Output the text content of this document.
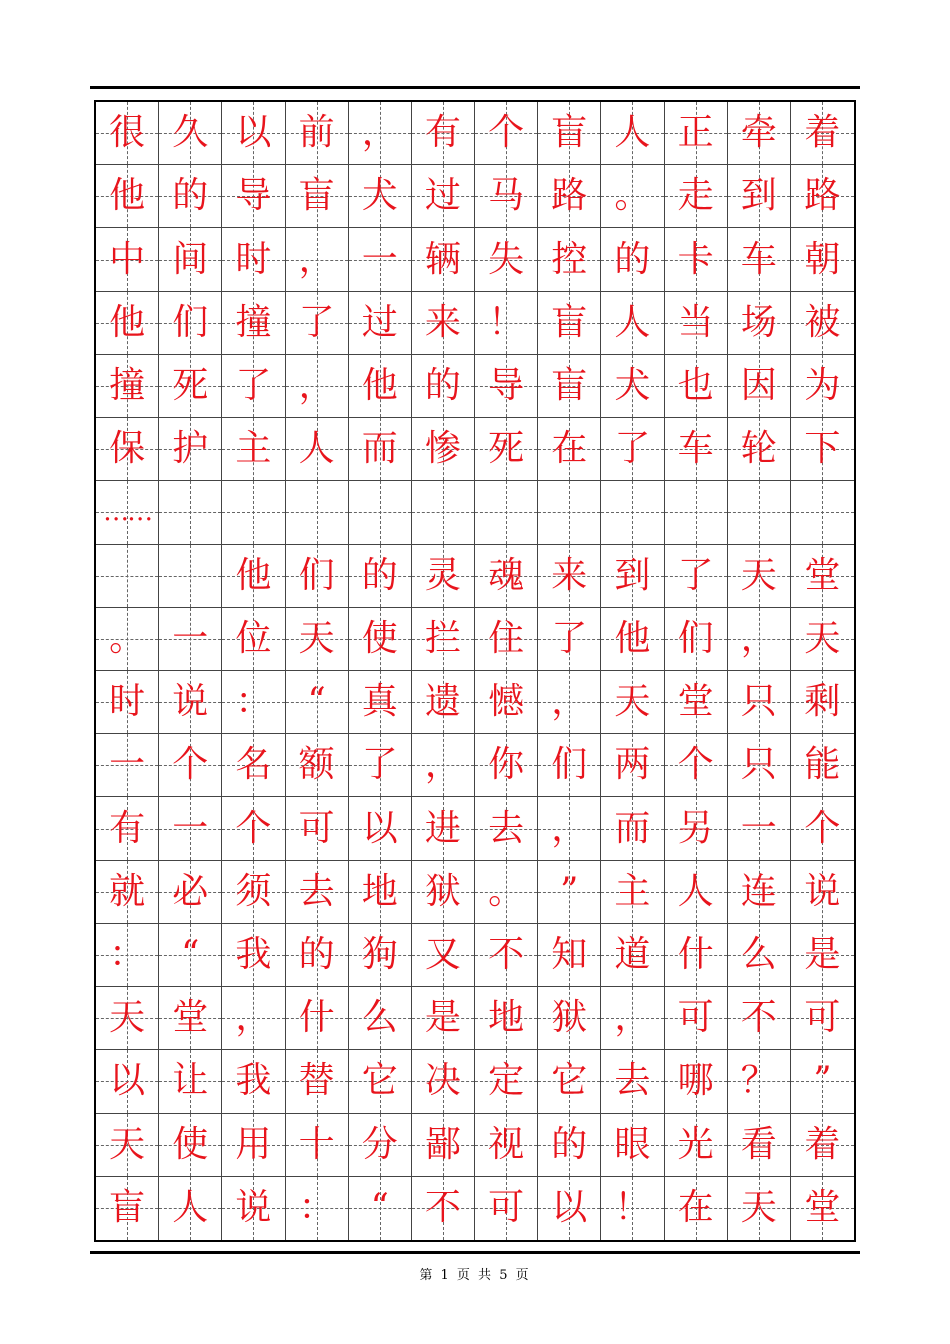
很 久 以 前 ， 有 个 盲 人 正 牵 着
他 的 导 盲 犬 过 马 路 。 走 到 路
中 间 时 ， 一 辆 失 控 的 卡 车 朝
他 们 撞 了 过 来 ！ 盲 人 当 场 被
撞 死 了 ， 他 的 导 盲 犬 也 因 为
保 护 主 人 而 惨 死 在 了 车 轮 下
……
他 们 的 灵 魂 来 到 了 天 堂
。 一 位 天 使 拦 住 了 他 们 ， 天
时 说 ： “ 真 遗 憾 ， 天 堂 只 剩
一 个 名 额 了 ， 你 们 两 个 只 能
有 一 个 可 以 进 去 ， 而 另 一 个
就 必 须 去 地 狱 。 ” 主 人 连 说
： “ 我 的 狗 又 不 知 道 什 么 是
天 堂 ， 什 么 是 地 狱 ， 可 不 可
以 让 我 替 它 决 定 它 去 哪 ？ ”
天 使 用 十 分 鄙 视 的 眼 光 看 着
盲 人 说 ： “ 不 可 以 ！ 在 天 堂
第 1 页 共 5 页
